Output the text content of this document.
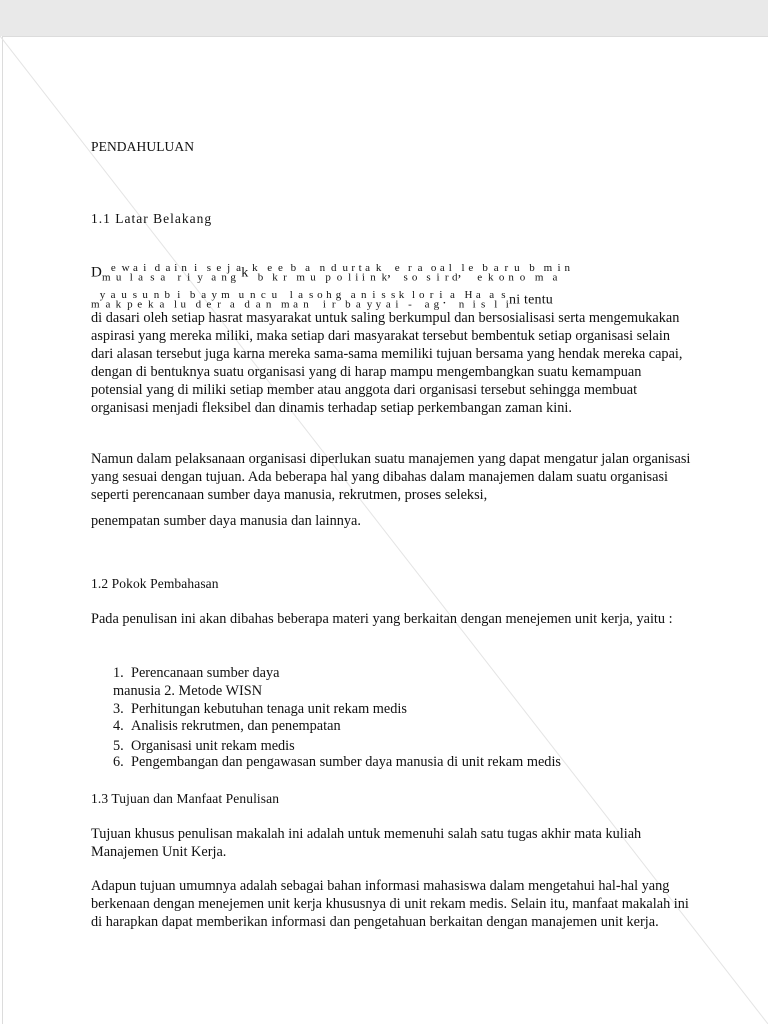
PENDAHULUAN
1.1 Latar Belakang
$D_m^e_u^w_l^a_a^i$ $_s^d_a^a$ $^i_r^n_i$ $^i_y$ $^s_a^e_n^j_g^a$k $^k_b$ $^e_k^e_r$ $^b_m^a_u$ $^n_p^d_o^u_l^r_i^t_i^a_n^k_k$, $^e$ $_s^r_o^a$ $_s^o_i^a_r^l_d$,$^l$ $^e$ $_e^b_k^a_o^r_n^u_o$ $^b_m^m_a^i$ $^n$
$_m^y_a^a_k^u_p^s_e^u_k^n_a^b$ $_l^i_u$ $^b_d^a_e^y_r^m_a$ $^u_d^n_a^c_n^u$ $_m^l_a^a_n^s$ $^o_i^h_r^g$ $_b^a_a^n_y^i_y^s_a^s_i^k$ $_-^l$ $^o_a^r_g^i$. $^a$ $_n^H_i^a_s$ $^a_l$ $^s_i$ni tentu

di dasari oleh setiap hasrat masyarakat untuk saling berkumpul dan bersosialisasi serta mengemukakan aspirasi yang mereka miliki, maka setiap dari masyarakat tersebut bembentuk setiap organisasi selain dari alasan tersebut juga karna mereka sama-sama memiliki tujuan bersama yang hendak mereka capai, dengan di bentuknya suatu organisasi yang di harap mampu mengembangkan suatu kemampuan potensial yang di miliki setiap member atau anggota dari organisasi tersebut sehingga membuat organisasi menjadi fleksibel dan dinamis terhadap setiap perkembangan zaman kini.

Namun dalam pelaksanaan organisasi diperlukan suatu manajemen yang dapat mengatur jalan organisasi yang sesuai dengan tujuan. Ada beberapa hal yang dibahas dalam manajemen dalam suatu organisasi seperti perencanaan sumber daya manusia, rekrutmen, proses seleksi,

penempatan sumber daya manusia dan lainnya.

1.2 Pokok Pembahasan

Pada penulisan ini akan dibahas beberapa materi yang berkaitan dengan menejemen unit kerja, yaitu :

1. Perencanaan sumber daya
manusia 2. Metode WISN
3. Perhitungan kebutuhan tenaga unit rekam medis
4. Analisis rekrutmen, dan penempatan
5. Organisasi unit rekam medis
6. Pengembangan dan pengawasan sumber daya manusia di unit rekam medis
1.3 Tujuan dan Manfaat Penulisan

Tujuan khusus penulisan makalah ini adalah untuk memenuhi salah satu tugas akhir mata kuliah Manajemen Unit Kerja.

Adapun tujuan umumnya adalah sebagai bahan informasi mahasiswa dalam mengetahui hal-hal yang berkenaan dengan menejemen unit kerja khususnya di unit rekam medis. Selain itu, manfaat makalah ini di harapkan dapat memberikan informasi dan pengetahuan berkaitan dengan manajemen unit kerja.
